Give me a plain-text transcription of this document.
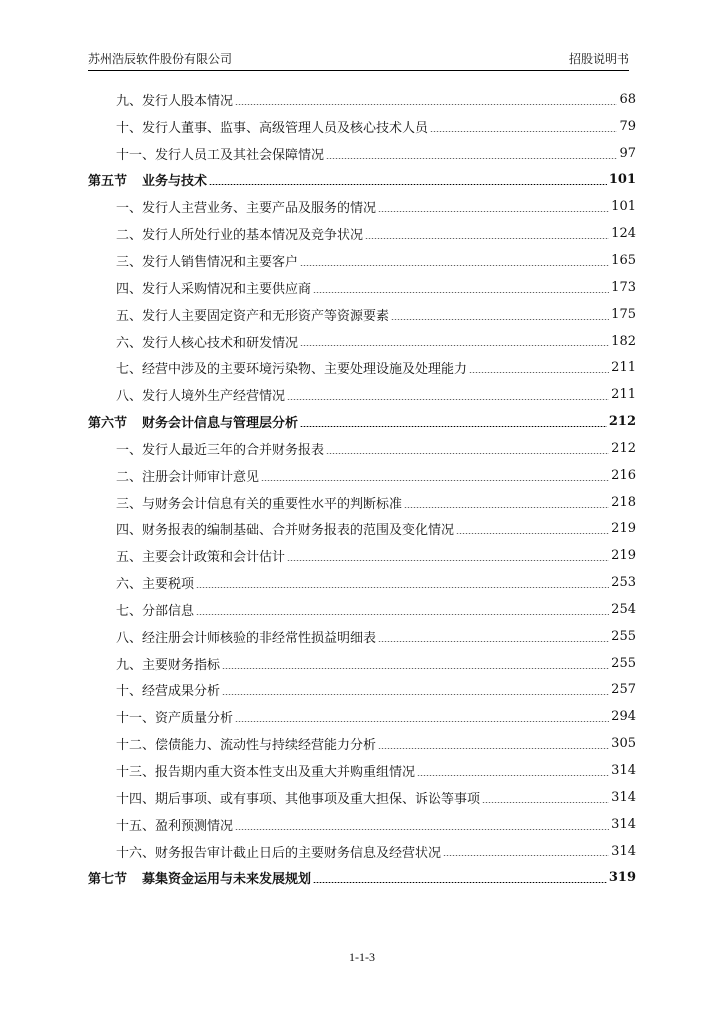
苏州浩辰软件股份有限公司	招股说明书
九、发行人股本情况	68
十、发行人董事、监事、高级管理人员及核心技术人员	79
十一、发行人员工及其社会保障情况	97
第五节 业务与技术	101
一、发行人主营业务、主要产品及服务的情况	101
二、发行人所处行业的基本情况及竞争状况	124
三、发行人销售情况和主要客户	165
四、发行人采购情况和主要供应商	173
五、发行人主要固定资产和无形资产等资源要素	175
六、发行人核心技术和研发情况	182
七、经营中涉及的主要环境污染物、主要处理设施及处理能力	211
八、发行人境外生产经营情况	211
第六节 财务会计信息与管理层分析	212
一、发行人最近三年的合并财务报表	212
二、注册会计师审计意见	216
三、与财务会计信息有关的重要性水平的判断标准	218
四、财务报表的编制基础、合并财务报表的范围及变化情况	219
五、主要会计政策和会计估计	219
六、主要税项	253
七、分部信息	254
八、经注册会计师核验的非经常性损益明细表	255
九、主要财务指标	255
十、经营成果分析	257
十一、资产质量分析	294
十二、偿债能力、流动性与持续经营能力分析	305
十三、报告期内重大资本性支出及重大并购重组情况	314
十四、期后事项、或有事项、其他事项及重大担保、诉讼等事项	314
十五、盈利预测情况	314
十六、财务报告审计截止日后的主要财务信息及经营状况	314
第七节 募集资金运用与未来发展规划	319
1-1-3
